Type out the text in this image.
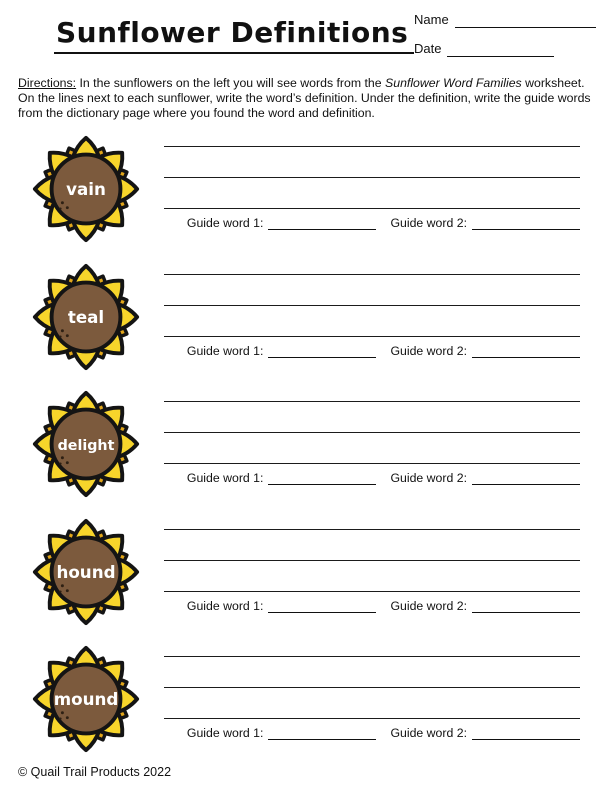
Sunflower Definitions Name
Date

Directions: In the sunflowers on the left you will see words from the Sunflower Word Families worksheet. On the lines next to each sunflower, write the word’s definition. Under the definition, write the guide words from the dictionary page where you found the word and definition.

vain
Guide word 1:	Guide word 2:
teal
Guide word 1:	Guide word 2:
delight
Guide word 1:	Guide word 2:
hound
Guide word 1:	Guide word 2:
mound
Guide word 1:	Guide word 2:
© Quail Trail Products 2022
